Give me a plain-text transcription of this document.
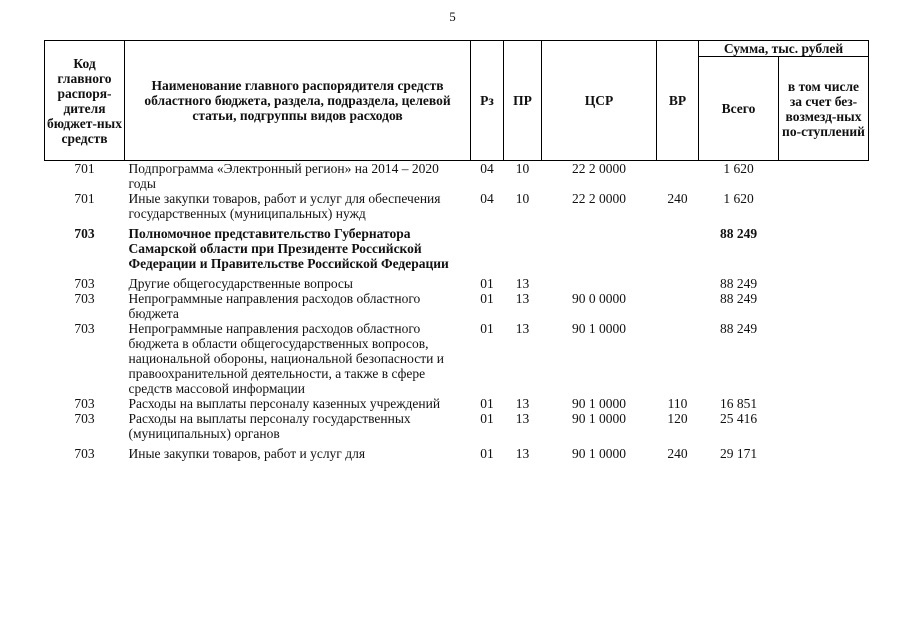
5
Код главного распоря-дителя бюджет-ных средств	Наименование главного распорядителя средств областного бюджета, раздела, подраздела, целевой статьи, подгруппы видов расходов	Рз	ПР	ЦСР	ВР	Сумма, тыс. рублей	
						Всего	в том числе за счет без-возмезд-ных по-ступлений
701	Подпрограмма «Электронный регион» на 2014 – 2020 годы	04	10	22 2 0000		1 620	
701	Иные закупки товаров, работ и услуг для обеспечения государственных (муниципальных) нужд	04	10	22 2 0000	240	1 620	
703	Полномочное представительство Губернатора Самарской области при Президенте Российской Федерации и Правительстве Российской Федерации					88 249	
703	Другие общегосударственные вопросы	01	13			88 249	
703	Непрограммные направления расходов областного бюджета	01	13	90 0 0000		88 249	
703	Непрограммные направления расходов областного бюджета в области общегосударственных вопросов, национальной обороны, национальной безопасности и правоохранительной деятельности, а также в сфере средств массовой информации	01	13	90 1 0000		88 249	
703	Расходы на выплаты персоналу казенных учреждений	01	13	90 1 0000	110	16 851	
703	Расходы на выплаты персоналу государственных (муниципальных) органов	01	13	90 1 0000	120	25 416	
703	Иные закупки товаров, работ и услуг для	01	13	90 1 0000	240	29 171	
